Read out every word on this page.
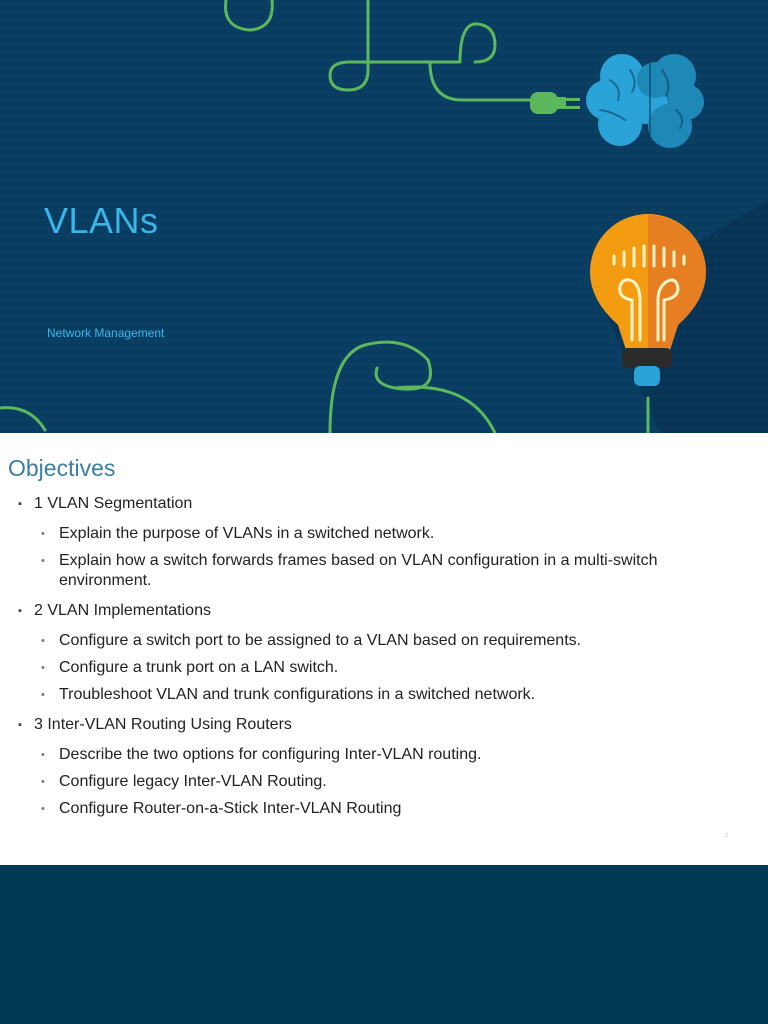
VLANs

Network Management

Objectives
▪ 1 VLAN Segmentation
• Explain the purpose of VLANs in a switched network.
• Explain how a switch forwards frames based on VLAN configuration in a multi-switch environment.
▪ 2 VLAN Implementations
• Configure a switch port to be assigned to a VLAN based on requirements.
• Configure a trunk port on a LAN switch.
• Troubleshoot VLAN and trunk configurations in a switched network.
▪ 3 Inter-VLAN Routing Using Routers
• Describe the two options for configuring Inter-VLAN routing.
• Configure legacy Inter-VLAN Routing.
• Configure Router-on-a-Stick Inter-VLAN Routing
2
